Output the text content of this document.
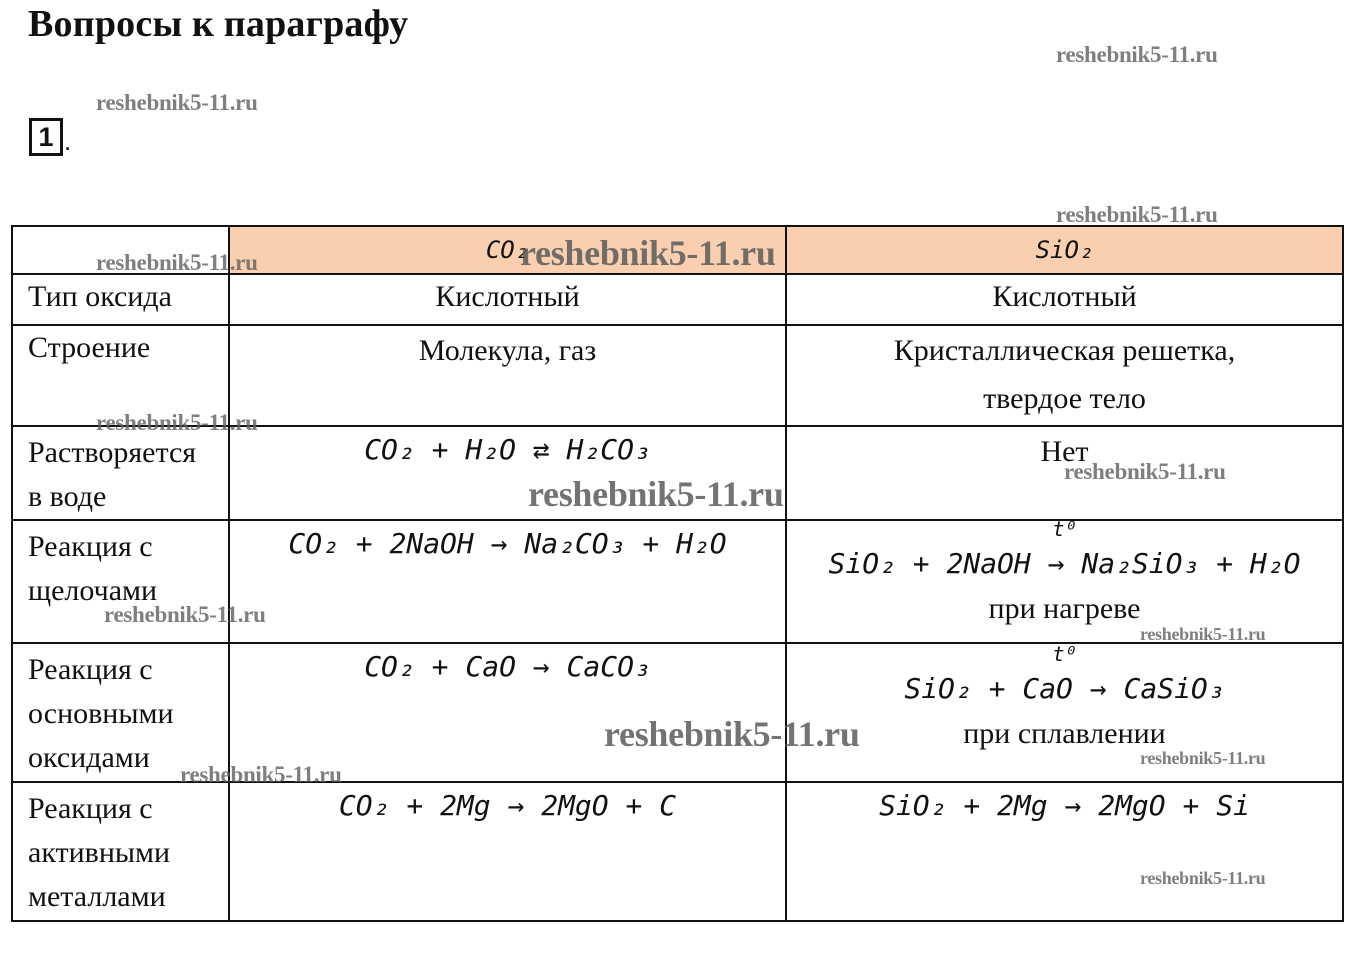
Вопросы к параграфу
1 .

	CO₂	SiO₂

Тип оксида	Кислотный	Кислотный
Строение	Молекула, газ	Кристаллическая решетка,
твердое тело

Растворяется
в воде	CO₂ + H₂O ⇄ H₂CO₃	Нет

Реакция с
щелочами	CO₂ + 2NaOH → Na₂CO₃ + H₂O	t⁰
SiO₂ + 2NaOH → Na₂SiO₃ + H₂O
при нагреве

Реакция с
основными
оксидами	CO₂ + CaO → CaCO₃	t⁰
SiO₂ + CaO → CaSiO₃
при сплавлении

Реакция с
активными
металлами	CO₂ + 2Mg → 2MgO + C	SiO₂ + 2Mg → 2MgO + Si
reshebnik5-11.ru
reshebnik5-11.ru
reshebnik5-11.ru
reshebnik5-11.ru	reshebnik5-11.ru
reshebnik5-11.ru
reshebnik5-11.ru
reshebnik5-11.ru
reshebnik5-11.ru
reshebnik5-11.ru
reshebnik5-11.ru
reshebnik5-11.ru
reshebnik5-11.ru
reshebnik5-11.ru
